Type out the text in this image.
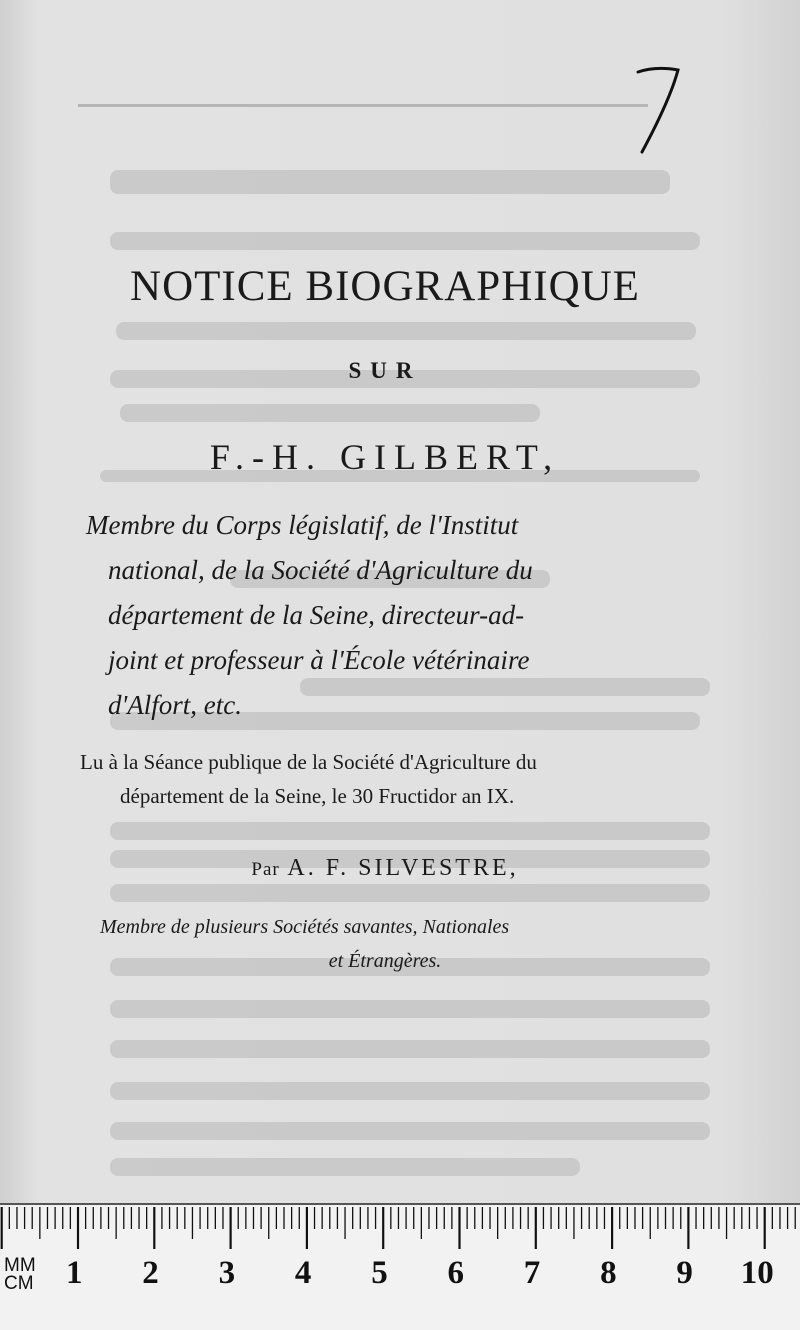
NOTICE BIOGRAPHIQUE
SUR
F.-H. GILBERT,
Membre du Corps législatif, de l'Institut
national, de la Société d'Agriculture du
département de la Seine, directeur-ad-
joint et professeur à l'École vétérinaire
d'Alfort, etc.
Lu à la Séance publique de la Société d'Agriculture du
département de la Seine, le 30 Fructidor an IX.
Par A. F. SILVESTRE,
Membre de plusieurs Sociétés savantes, Nationales
et Étrangères.
MM
CM 1 2 3 4 5 6 7 8 9 10
